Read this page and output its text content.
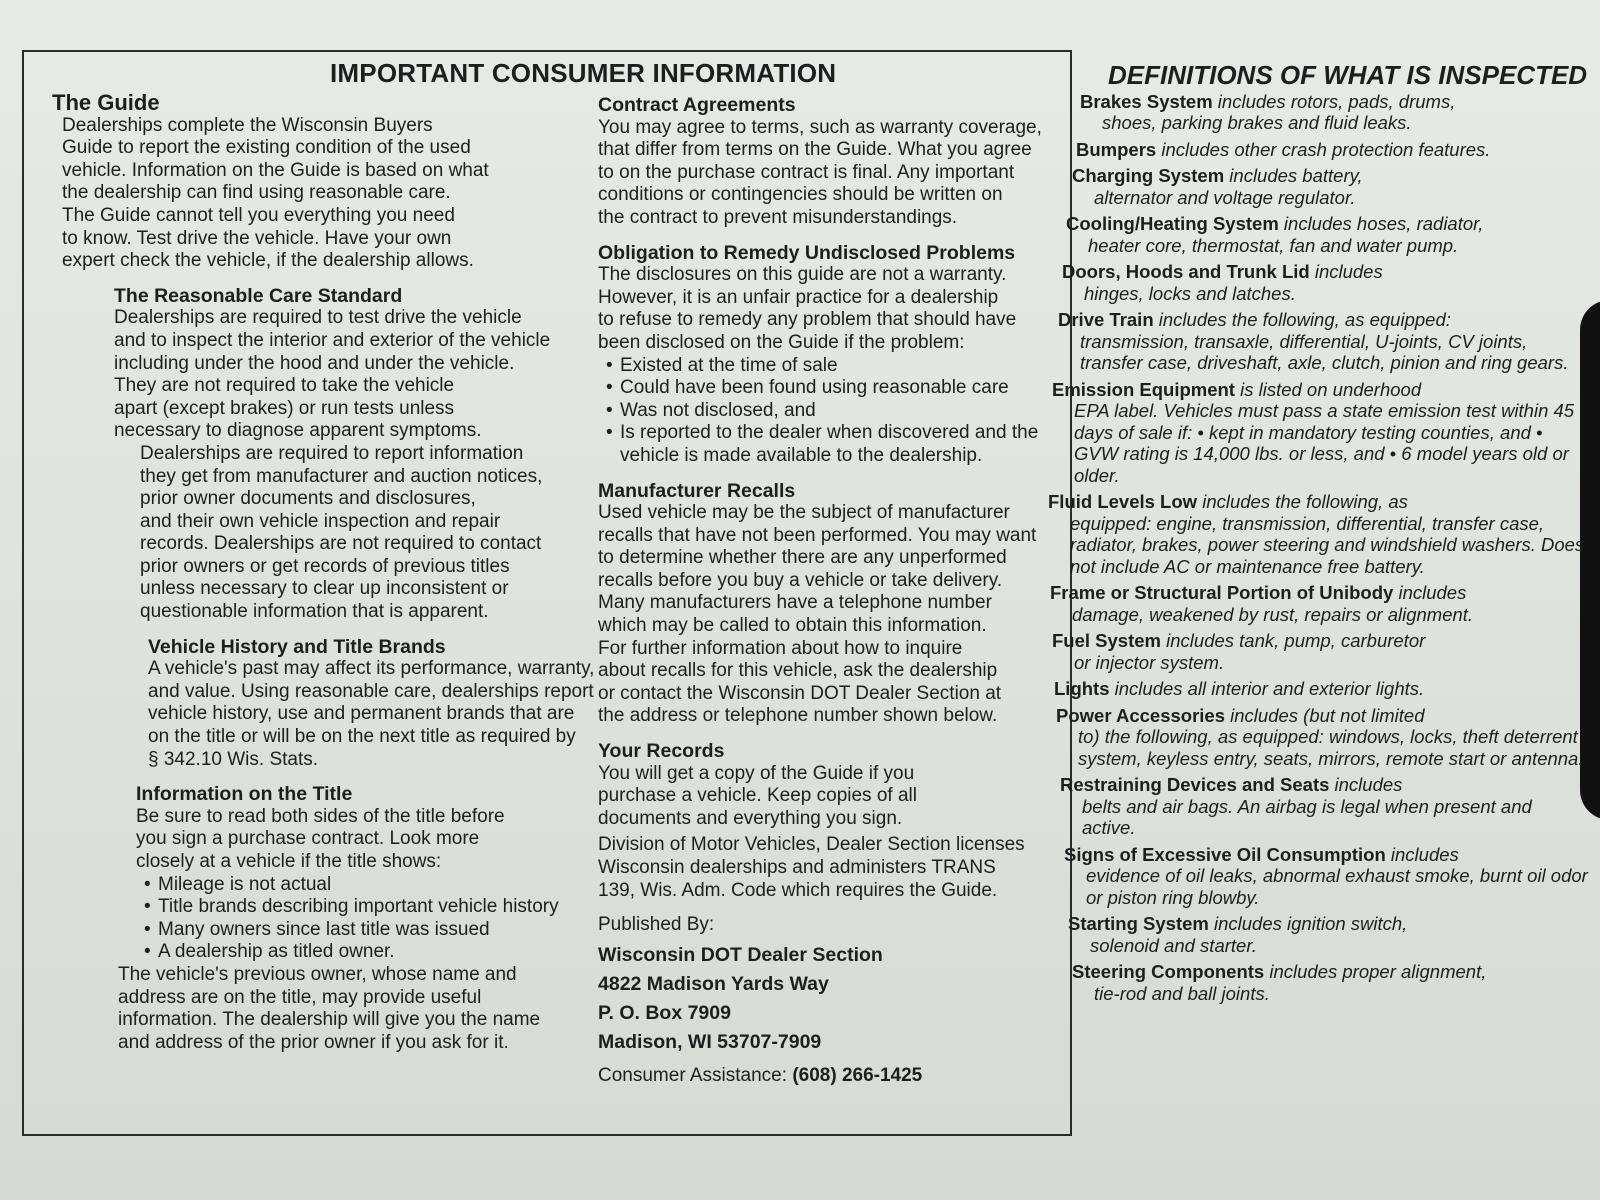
IMPORTANT CONSUMER INFORMATION
The Guide

Dealerships complete the Wisconsin Buyers

Guide to report the existing condition of the used

vehicle. Information on the Guide is based on what

the dealership can find using reasonable care.

The Guide cannot tell you everything you need

to know. Test drive the vehicle. Have your own

expert check the vehicle, if the dealership allows.

The Reasonable Care Standard

Dealerships are required to test drive the vehicle

and to inspect the interior and exterior of the vehicle

including under the hood and under the vehicle.

They are not required to take the vehicle

apart (except brakes) or run tests unless

necessary to diagnose apparent symptoms.

Dealerships are required to report information

they get from manufacturer and auction notices,

prior owner documents and disclosures,

and their own vehicle inspection and repair

records. Dealerships are not required to contact

prior owners or get records of previous titles

unless necessary to clear up inconsistent or

questionable information that is apparent.

Vehicle History and Title Brands

A vehicle's past may affect its performance, warranty,

and value. Using reasonable care, dealerships report

vehicle history, use and permanent brands that are

on the title or will be on the next title as required by

§ 342.10 Wis. Stats.

Information on the Title

Be sure to read both sides of the title before

you sign a purchase contract. Look more

closely at a vehicle if the title shows:

• Mileage is not actual
• Title brands describing important vehicle history
• Many owners since last title was issued
• A dealership as titled owner.

The vehicle's previous owner, whose name and

address are on the title, may provide useful

information. The dealership will give you the name

and address of the prior owner if you ask for it.

Contract Agreements

You may agree to terms, such as warranty coverage,

that differ from terms on the Guide. What you agree

to on the purchase contract is final. Any important

conditions or contingencies should be written on

the contract to prevent misunderstandings.

Obligation to Remedy Undisclosed Problems

The disclosures on this guide are not a warranty.

However, it is an unfair practice for a dealership

to refuse to remedy any problem that should have

been disclosed on the Guide if the problem:

• Existed at the time of sale
• Could have been found using reasonable care
• Was not disclosed, and
• Is reported to the dealer when discovered and the vehicle is made available to the dealership.
Manufacturer Recalls

Used vehicle may be the subject of manufacturer

recalls that have not been performed. You may want

to determine whether there are any unperformed

recalls before you buy a vehicle or take delivery.

Many manufacturers have a telephone number

which may be called to obtain this information.

For further information about how to inquire

about recalls for this vehicle, ask the dealership

or contact the Wisconsin DOT Dealer Section at

the address or telephone number shown below.

Your Records

You will get a copy of the Guide if you

purchase a vehicle. Keep copies of all

documents and everything you sign.

Division of Motor Vehicles, Dealer Section licenses

Wisconsin dealerships and administers TRANS

139, Wis. Adm. Code which requires the Guide.

Published By:

Wisconsin DOT Dealer Section
4822 Madison Yards Way
P. O. Box 7909
Madison, WI 53707-7909

Consumer Assistance: (608) 266-1425

DEFINITIONS OF WHAT IS INSPECTED
Brakes System includes rotors, pads, drums,
shoes, parking brakes and fluid leaks.
Bumpers includes other crash protection features.
Charging System includes battery,
alternator and voltage regulator.
Cooling/Heating System includes hoses, radiator,
heater core, thermostat, fan and water pump.
Doors, Hoods and Trunk Lid includes
hinges, locks and latches.
Drive Train includes the following, as equipped:
transmission, transaxle, differential, U-joints, CV joints, transfer case, driveshaft, axle, clutch, pinion and ring gears.
Emission Equipment is listed on underhood
EPA label. Vehicles must pass a state emission test within 45 days of sale if: • kept in mandatory testing counties, and • GVW rating is 14,000 lbs. or less, and • 6 model years old or older.
Fluid Levels Low includes the following, as
equipped: engine, transmission, differential, transfer case, radiator, brakes, power steering and windshield washers. Does not include AC or maintenance free battery.
Frame or Structural Portion of Unibody includes
damage, weakened by rust, repairs or alignment.
Fuel System includes tank, pump, carburetor
or injector system.
Lights includes all interior and exterior lights.
Power Accessories includes (but not limited
to) the following, as equipped: windows, locks, theft deterrent system, keyless entry, seats, mirrors, remote start or antenna.
Restraining Devices and Seats includes
belts and air bags. An airbag is legal when present and active.
Signs of Excessive Oil Consumption includes
evidence of oil leaks, abnormal exhaust smoke, burnt oil odor or piston ring blowby.
Starting System includes ignition switch,
solenoid and starter.
Steering Components includes proper alignment,
tie-rod and ball joints.
